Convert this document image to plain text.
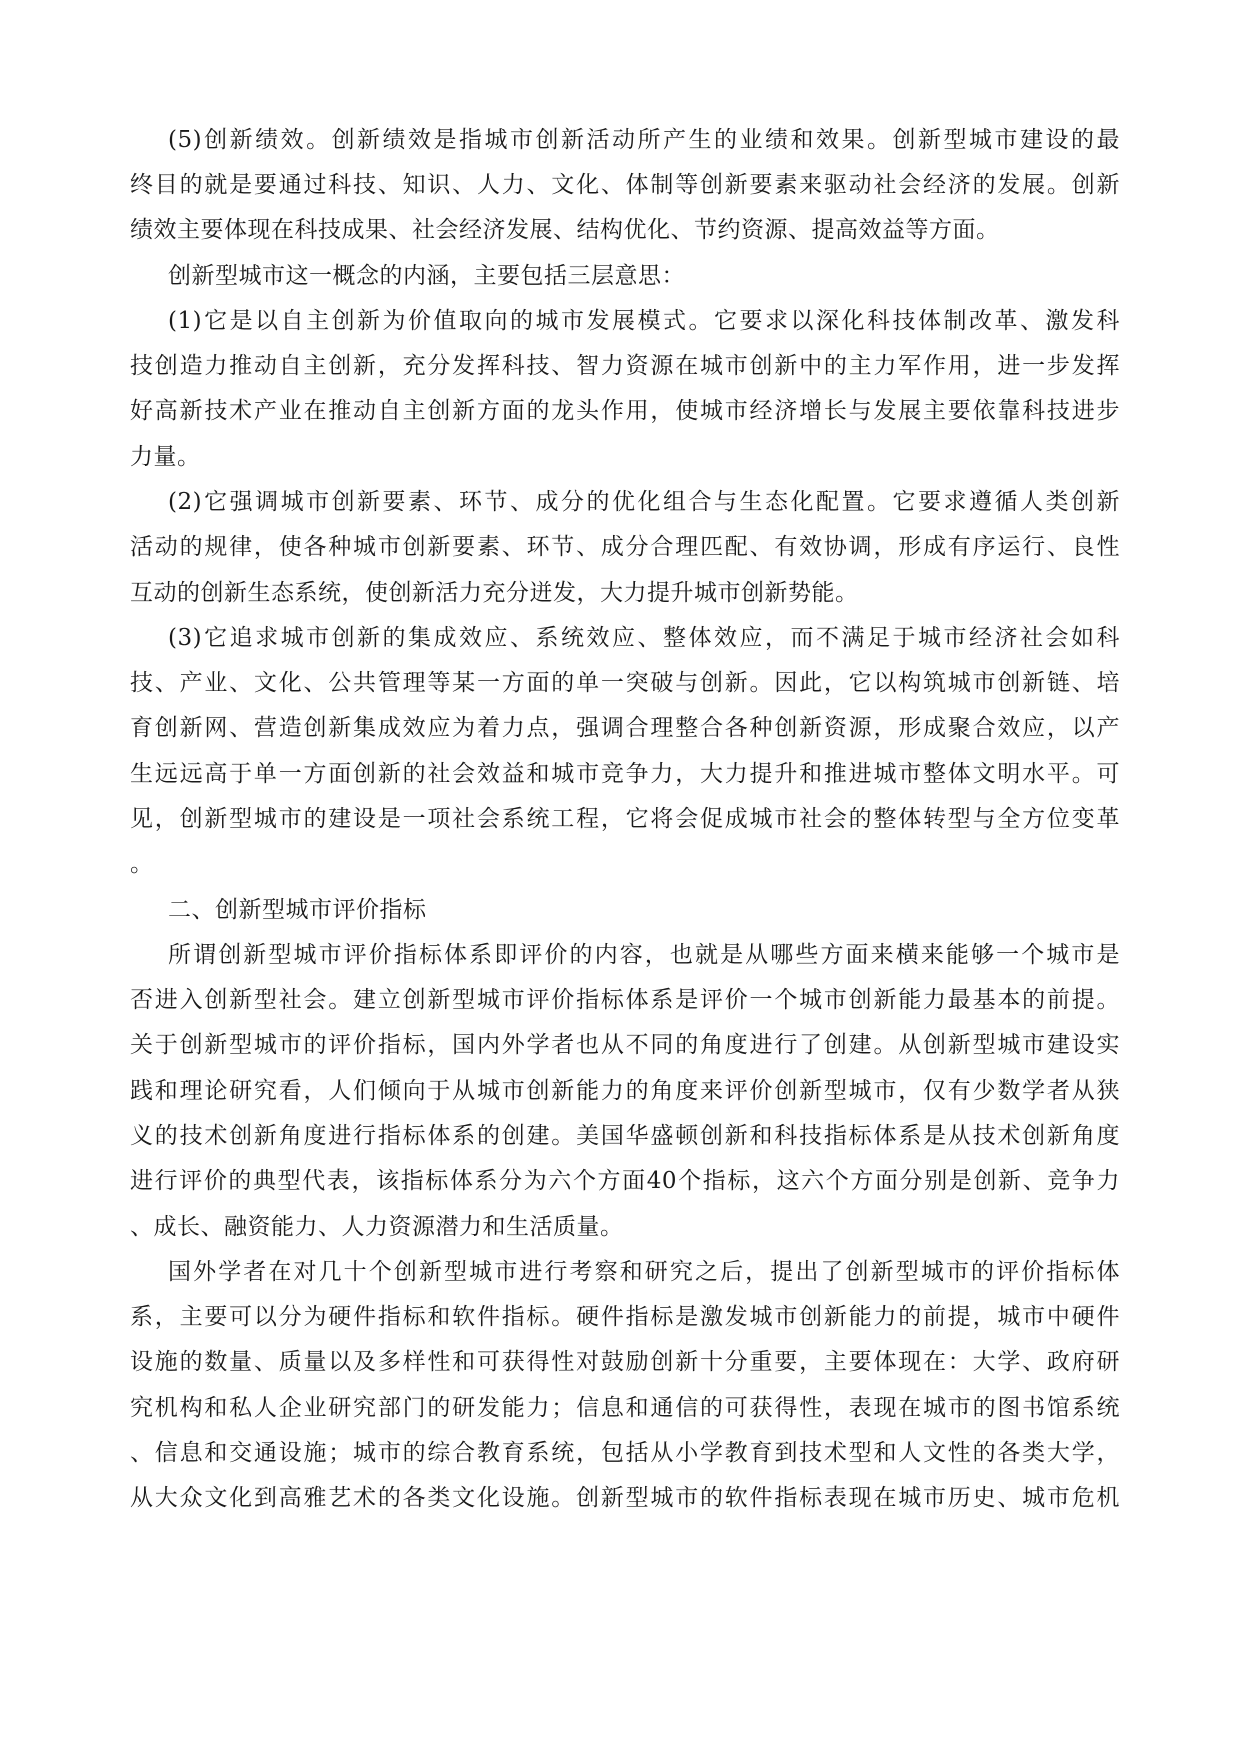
(5)创新绩效。创新绩效是指城市创新活动所产生的业绩和效果。创新型城市建设的最

终目的就是要通过科技、知识、人力、文化、体制等创新要素来驱动社会经济的发展。创新

绩效主要体现在科技成果、社会经济发展、结构优化、节约资源、提高效益等方面。

创新型城市这一概念的内涵，主要包括三层意思：

(1)它是以自主创新为价值取向的城市发展模式。它要求以深化科技体制改革、激发科

技创造力推动自主创新，充分发挥科技、智力资源在城市创新中的主力军作用，进一步发挥

好高新技术产业在推动自主创新方面的龙头作用，使城市经济增长与发展主要依靠科技进步

力量。

(2)它强调城市创新要素、环节、成分的优化组合与生态化配置。它要求遵循人类创新

活动的规律，使各种城市创新要素、环节、成分合理匹配、有效协调，形成有序运行、良性

互动的创新生态系统，使创新活力充分迸发，大力提升城市创新势能。

(3)它追求城市创新的集成效应、系统效应、整体效应，而不满足于城市经济社会如科

技、产业、文化、公共管理等某一方面的单一突破与创新。因此，它以构筑城市创新链、培

育创新网、营造创新集成效应为着力点，强调合理整合各种创新资源，形成聚合效应，以产

生远远高于单一方面创新的社会效益和城市竞争力，大力提升和推进城市整体文明水平。可

见，创新型城市的建设是一项社会系统工程，它将会促成城市社会的整体转型与全方位变革

。

二、创新型城市评价指标

所谓创新型城市评价指标体系即评价的内容，也就是从哪些方面来横来能够一个城市是

否进入创新型社会。建立创新型城市评价指标体系是评价一个城市创新能力最基本的前提。

关于创新型城市的评价指标，国内外学者也从不同的角度进行了创建。从创新型城市建设实

践和理论研究看，人们倾向于从城市创新能力的角度来评价创新型城市，仅有少数学者从狭

义的技术创新角度进行指标体系的创建。美国华盛顿创新和科技指标体系是从技术创新角度

进行评价的典型代表，该指标体系分为六个方面40个指标，这六个方面分别是创新、竞争力

、成长、融资能力、人力资源潜力和生活质量。

国外学者在对几十个创新型城市进行考察和研究之后，提出了创新型城市的评价指标体

系，主要可以分为硬件指标和软件指标。硬件指标是激发城市创新能力的前提，城市中硬件

设施的数量、质量以及多样性和可获得性对鼓励创新十分重要，主要体现在：大学、政府研

究机构和私人企业研究部门的研发能力；信息和通信的可获得性，表现在城市的图书馆系统

、信息和交通设施；城市的综合教育系统，包括从小学教育到技术型和人文性的各类大学，

从大众文化到高雅艺术的各类文化设施。创新型城市的软件指标表现在城市历史、城市危机
